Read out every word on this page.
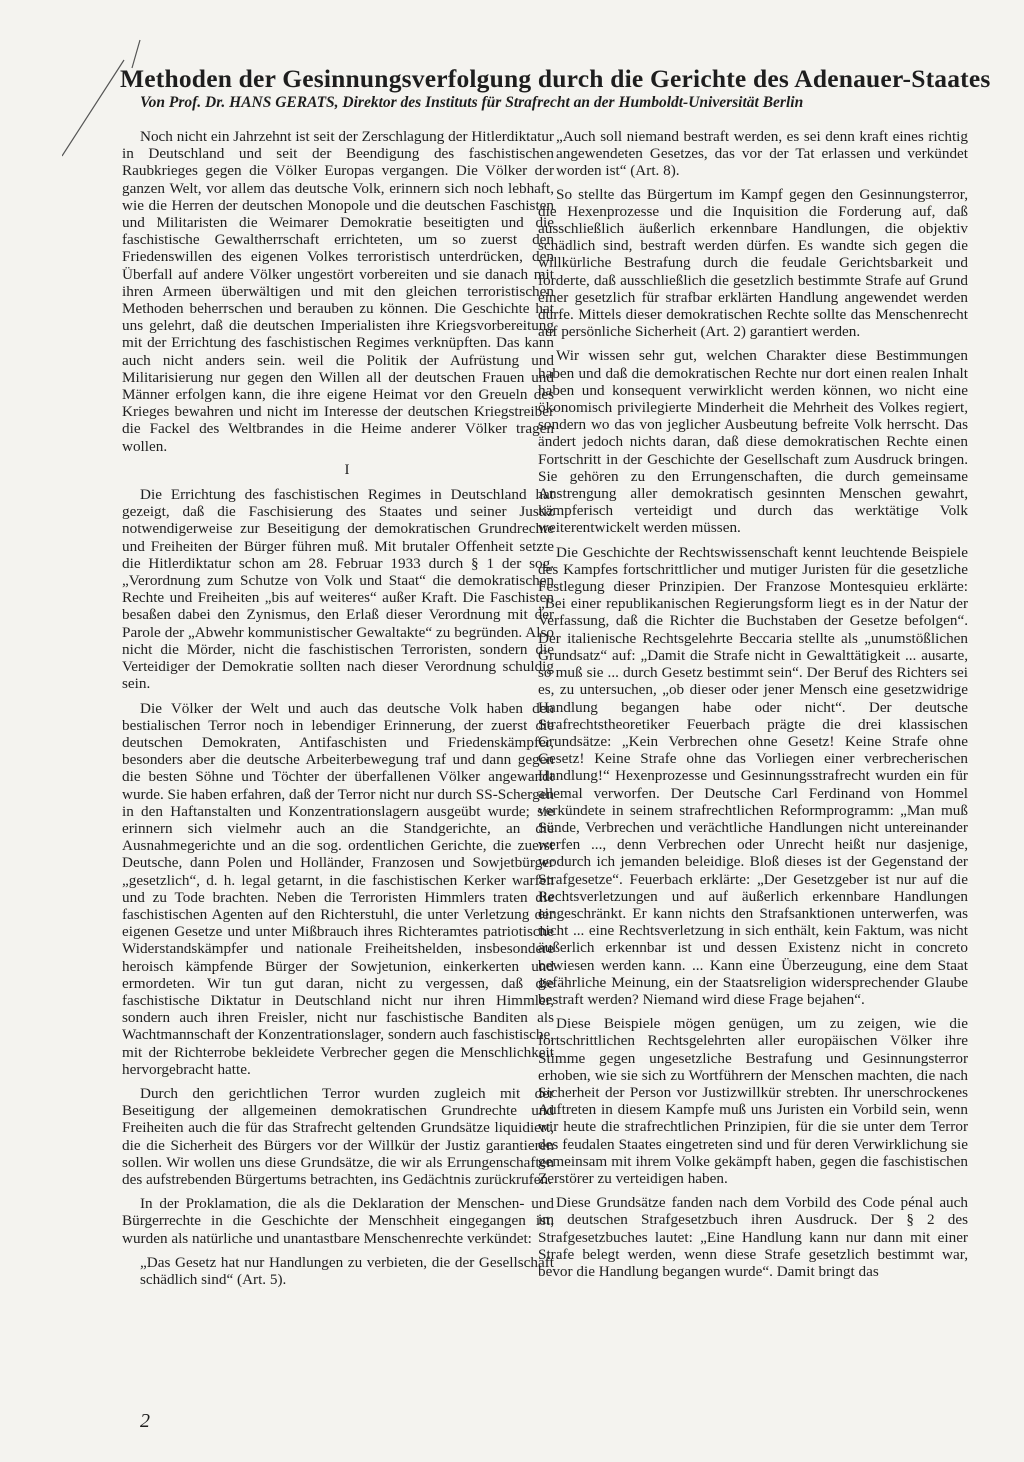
Methoden der Gesinnungsverfolgung durch die Gerichte des Adenauer-Staates

Von Prof. Dr. HANS GERATS, Direktor des Instituts für Strafrecht an der Humboldt-Universität Berlin

Noch nicht ein Jahrzehnt ist seit der Zerschlagung der Hitlerdiktatur in Deutschland und seit der Beendigung des faschistischen Raubkrieges gegen die Völker Europas vergangen. Die Völker der ganzen Welt, vor allem das deutsche Volk, erinnern sich noch lebhaft, wie die Herren der deutschen Monopole und die deutschen Faschisten und Militaristen die Weimarer Demokratie beseitigten und die faschistische Gewaltherrschaft errichteten, um so zuerst den Friedenswillen des eigenen Volkes terroristisch unterdrücken, den Überfall auf andere Völker ungestört vorbereiten und sie danach mit ihren Armeen überwältigen und mit den gleichen terroristischen Methoden beherrschen und berauben zu können. Die Geschichte hat uns gelehrt, daß die deutschen Imperialisten ihre Kriegsvorbereitung mit der Errichtung des faschistischen Regimes verknüpften. Das kann auch nicht anders sein. weil die Politik der Aufrüstung und Militarisierung nur gegen den Willen all der deutschen Frauen und Männer erfolgen kann, die ihre eigene Heimat vor den Greueln des Krieges bewahren und nicht im Interesse der deutschen Kriegstreiber die Fackel des Weltbrandes in die Heime anderer Völker tragen wollen.

I

Die Errichtung des faschistischen Regimes in Deutschland hat gezeigt, daß die Faschisierung des Staates und seiner Justiz notwendigerweise zur Beseitigung der demokratischen Grundrechte und Freiheiten der Bürger führen muß. Mit brutaler Offenheit setzte die Hitlerdiktatur schon am 28. Februar 1933 durch § 1 der sog. „Verordnung zum Schutze von Volk und Staat“ die demokratischen Rechte und Freiheiten „bis auf weiteres“ außer Kraft. Die Faschisten besaßen dabei den Zynismus, den Erlaß dieser Verordnung mit der Parole der „Abwehr kommunistischer Gewaltakte“ zu begründen. Also nicht die Mörder, nicht die faschistischen Terroristen, sondern die Verteidiger der Demokratie sollten nach dieser Verordnung schuldig sein.

Die Völker der Welt und auch das deutsche Volk haben den bestialischen Terror noch in lebendiger Erinnerung, der zuerst die deutschen Demokraten, Antifaschisten und Friedenskämpfer, besonders aber die deutsche Arbeiterbewegung traf und dann gegen die besten Söhne und Töchter der überfallenen Völker angewandt wurde. Sie haben erfahren, daß der Terror nicht nur durch SS-Schergen in den Haftanstalten und Konzentrationslagern ausgeübt wurde; sie erinnern sich vielmehr auch an die Standgerichte, an die Ausnahmegerichte und an die sog. ordentlichen Gerichte, die zuerst Deutsche, dann Polen und Holländer, Franzosen und Sowjetbürger „gesetzlich“, d. h. legal getarnt, in die faschistischen Kerker warfen und zu Tode brachten. Neben die Terroristen Himmlers traten die faschistischen Agenten auf den Richterstuhl, die unter Verletzung der eigenen Gesetze und unter Mißbrauch ihres Richteramtes patriotische Widerstandskämpfer und nationale Freiheitshelden, insbesondere heroisch kämpfende Bürger der Sowjetunion, einkerkerten und ermordeten. Wir tun gut daran, nicht zu vergessen, daß die faschistische Diktatur in Deutschland nicht nur ihren Himmler, sondern auch ihren Freisler, nicht nur faschistische Banditen als Wachtmannschaft der Konzentrationslager, sondern auch faschistische, mit der Richterrobe bekleidete Verbrecher gegen die Menschlichkeit hervorgebracht hatte.

Durch den gerichtlichen Terror wurden zugleich mit der Beseitigung der allgemeinen demokratischen Grundrechte und Freiheiten auch die für das Strafrecht geltenden Grundsätze liquidiert, die die Sicherheit des Bürgers vor der Willkür der Justiz garantieren sollen. Wir wollen uns diese Grundsätze, die wir als Errungenschaften des aufstrebenden Bürgertums betrachten, ins Gedächtnis zurückrufen.

In der Proklamation, die als die Deklaration der Menschen- und Bürgerrechte in die Geschichte der Menschheit eingegangen ist, wurden als natürliche und unantastbare Menschenrechte verkündet:

„Das Gesetz hat nur Handlungen zu verbieten, die der Gesellschaft schädlich sind“ (Art. 5).

„Auch soll niemand bestraft werden, es sei denn kraft eines richtig angewendeten Gesetzes, das vor der Tat erlassen und verkündet worden ist“ (Art. 8).

So stellte das Bürgertum im Kampf gegen den Gesinnungsterror, die Hexenprozesse und die Inquisition die Forderung auf, daß ausschließlich äußerlich erkennbare Handlungen, die objektiv schädlich sind, bestraft werden dürfen. Es wandte sich gegen die willkürliche Bestrafung durch die feudale Gerichtsbarkeit und forderte, daß ausschließlich die gesetzlich bestimmte Strafe auf Grund einer gesetzlich für strafbar erklärten Handlung angewendet werden dürfe. Mittels dieser demokratischen Rechte sollte das Menschenrecht auf persönliche Sicherheit (Art. 2) garantiert werden.

Wir wissen sehr gut, welchen Charakter diese Bestimmungen haben und daß die demokratischen Rechte nur dort einen realen Inhalt haben und konsequent verwirklicht werden können, wo nicht eine ökonomisch privilegierte Minderheit die Mehrheit des Volkes regiert, sondern wo das von jeglicher Ausbeutung befreite Volk herrscht. Das ändert jedoch nichts daran, daß diese demokratischen Rechte einen Fortschritt in der Geschichte der Gesellschaft zum Ausdruck bringen. Sie gehören zu den Errungenschaften, die durch gemeinsame Anstrengung aller demokratisch gesinnten Menschen gewahrt, kämpferisch verteidigt und durch das werktätige Volk weiterentwickelt werden müssen.

Die Geschichte der Rechtswissenschaft kennt leuchtende Beispiele des Kampfes fortschrittlicher und mutiger Juristen für die gesetzliche Festlegung dieser Prinzipien. Der Franzose Montesquieu erklärte: „Bei einer republikanischen Regierungsform liegt es in der Natur der Verfassung, daß die Richter die Buchstaben der Gesetze befolgen“. Der italienische Rechtsgelehrte Beccaria stellte als „unumstößlichen Grundsatz“ auf: „Damit die Strafe nicht in Gewalttätigkeit ... ausarte, so muß sie ... durch Gesetz bestimmt sein“. Der Beruf des Richters sei es, zu untersuchen, „ob dieser oder jener Mensch eine gesetzwidrige Handlung begangen habe oder nicht“. Der deutsche Strafrechtstheoretiker Feuerbach prägte die drei klassischen Grundsätze: „Kein Verbrechen ohne Gesetz! Keine Strafe ohne Gesetz! Keine Strafe ohne das Vorliegen einer verbrecherischen Handlung!“ Hexenprozesse und Gesinnungsstrafrecht wurden ein für allemal verworfen. Der Deutsche Carl Ferdinand von Hommel verkündete in seinem strafrechtlichen Reformprogramm: „Man muß Sünde, Verbrechen und verächtliche Handlungen nicht untereinander werfen ..., denn Verbrechen oder Unrecht heißt nur dasjenige, wodurch ich jemanden beleidige. Bloß dieses ist der Gegenstand der Strafgesetze“. Feuerbach erklärte: „Der Gesetzgeber ist nur auf die Rechtsverletzungen und auf äußerlich erkennbare Handlungen eingeschränkt. Er kann nichts den Strafsanktionen unterwerfen, was nicht ... eine Rechtsverletzung in sich enthält, kein Faktum, was nicht äußerlich erkennbar ist und dessen Existenz nicht in concreto bewiesen werden kann. ... Kann eine Überzeugung, eine dem Staat gefährliche Meinung, ein der Staatsreligion widersprechender Glaube bestraft werden? Niemand wird diese Frage bejahen“.

Diese Beispiele mögen genügen, um zu zeigen, wie die fortschrittlichen Rechtsgelehrten aller europäischen Völker ihre Stimme gegen ungesetzliche Bestrafung und Gesinnungsterror erhoben, wie sie sich zu Wortführern der Menschen machten, die nach Sicherheit der Person vor Justizwillkür strebten. Ihr unerschrockenes Auftreten in diesem Kampfe muß uns Juristen ein Vorbild sein, wenn wir heute die strafrechtlichen Prinzipien, für die sie unter dem Terror des feudalen Staates eingetreten sind und für deren Verwirklichung sie gemeinsam mit ihrem Volke gekämpft haben, gegen die faschistischen Zerstörer zu verteidigen haben.

Diese Grundsätze fanden nach dem Vorbild des Code pénal auch im deutschen Strafgesetzbuch ihren Ausdruck. Der § 2 des Strafgesetzbuches lautet: „Eine Handlung kann nur dann mit einer Strafe belegt werden, wenn diese Strafe gesetzlich bestimmt war, bevor die Handlung begangen wurde“. Damit bringt das

2
